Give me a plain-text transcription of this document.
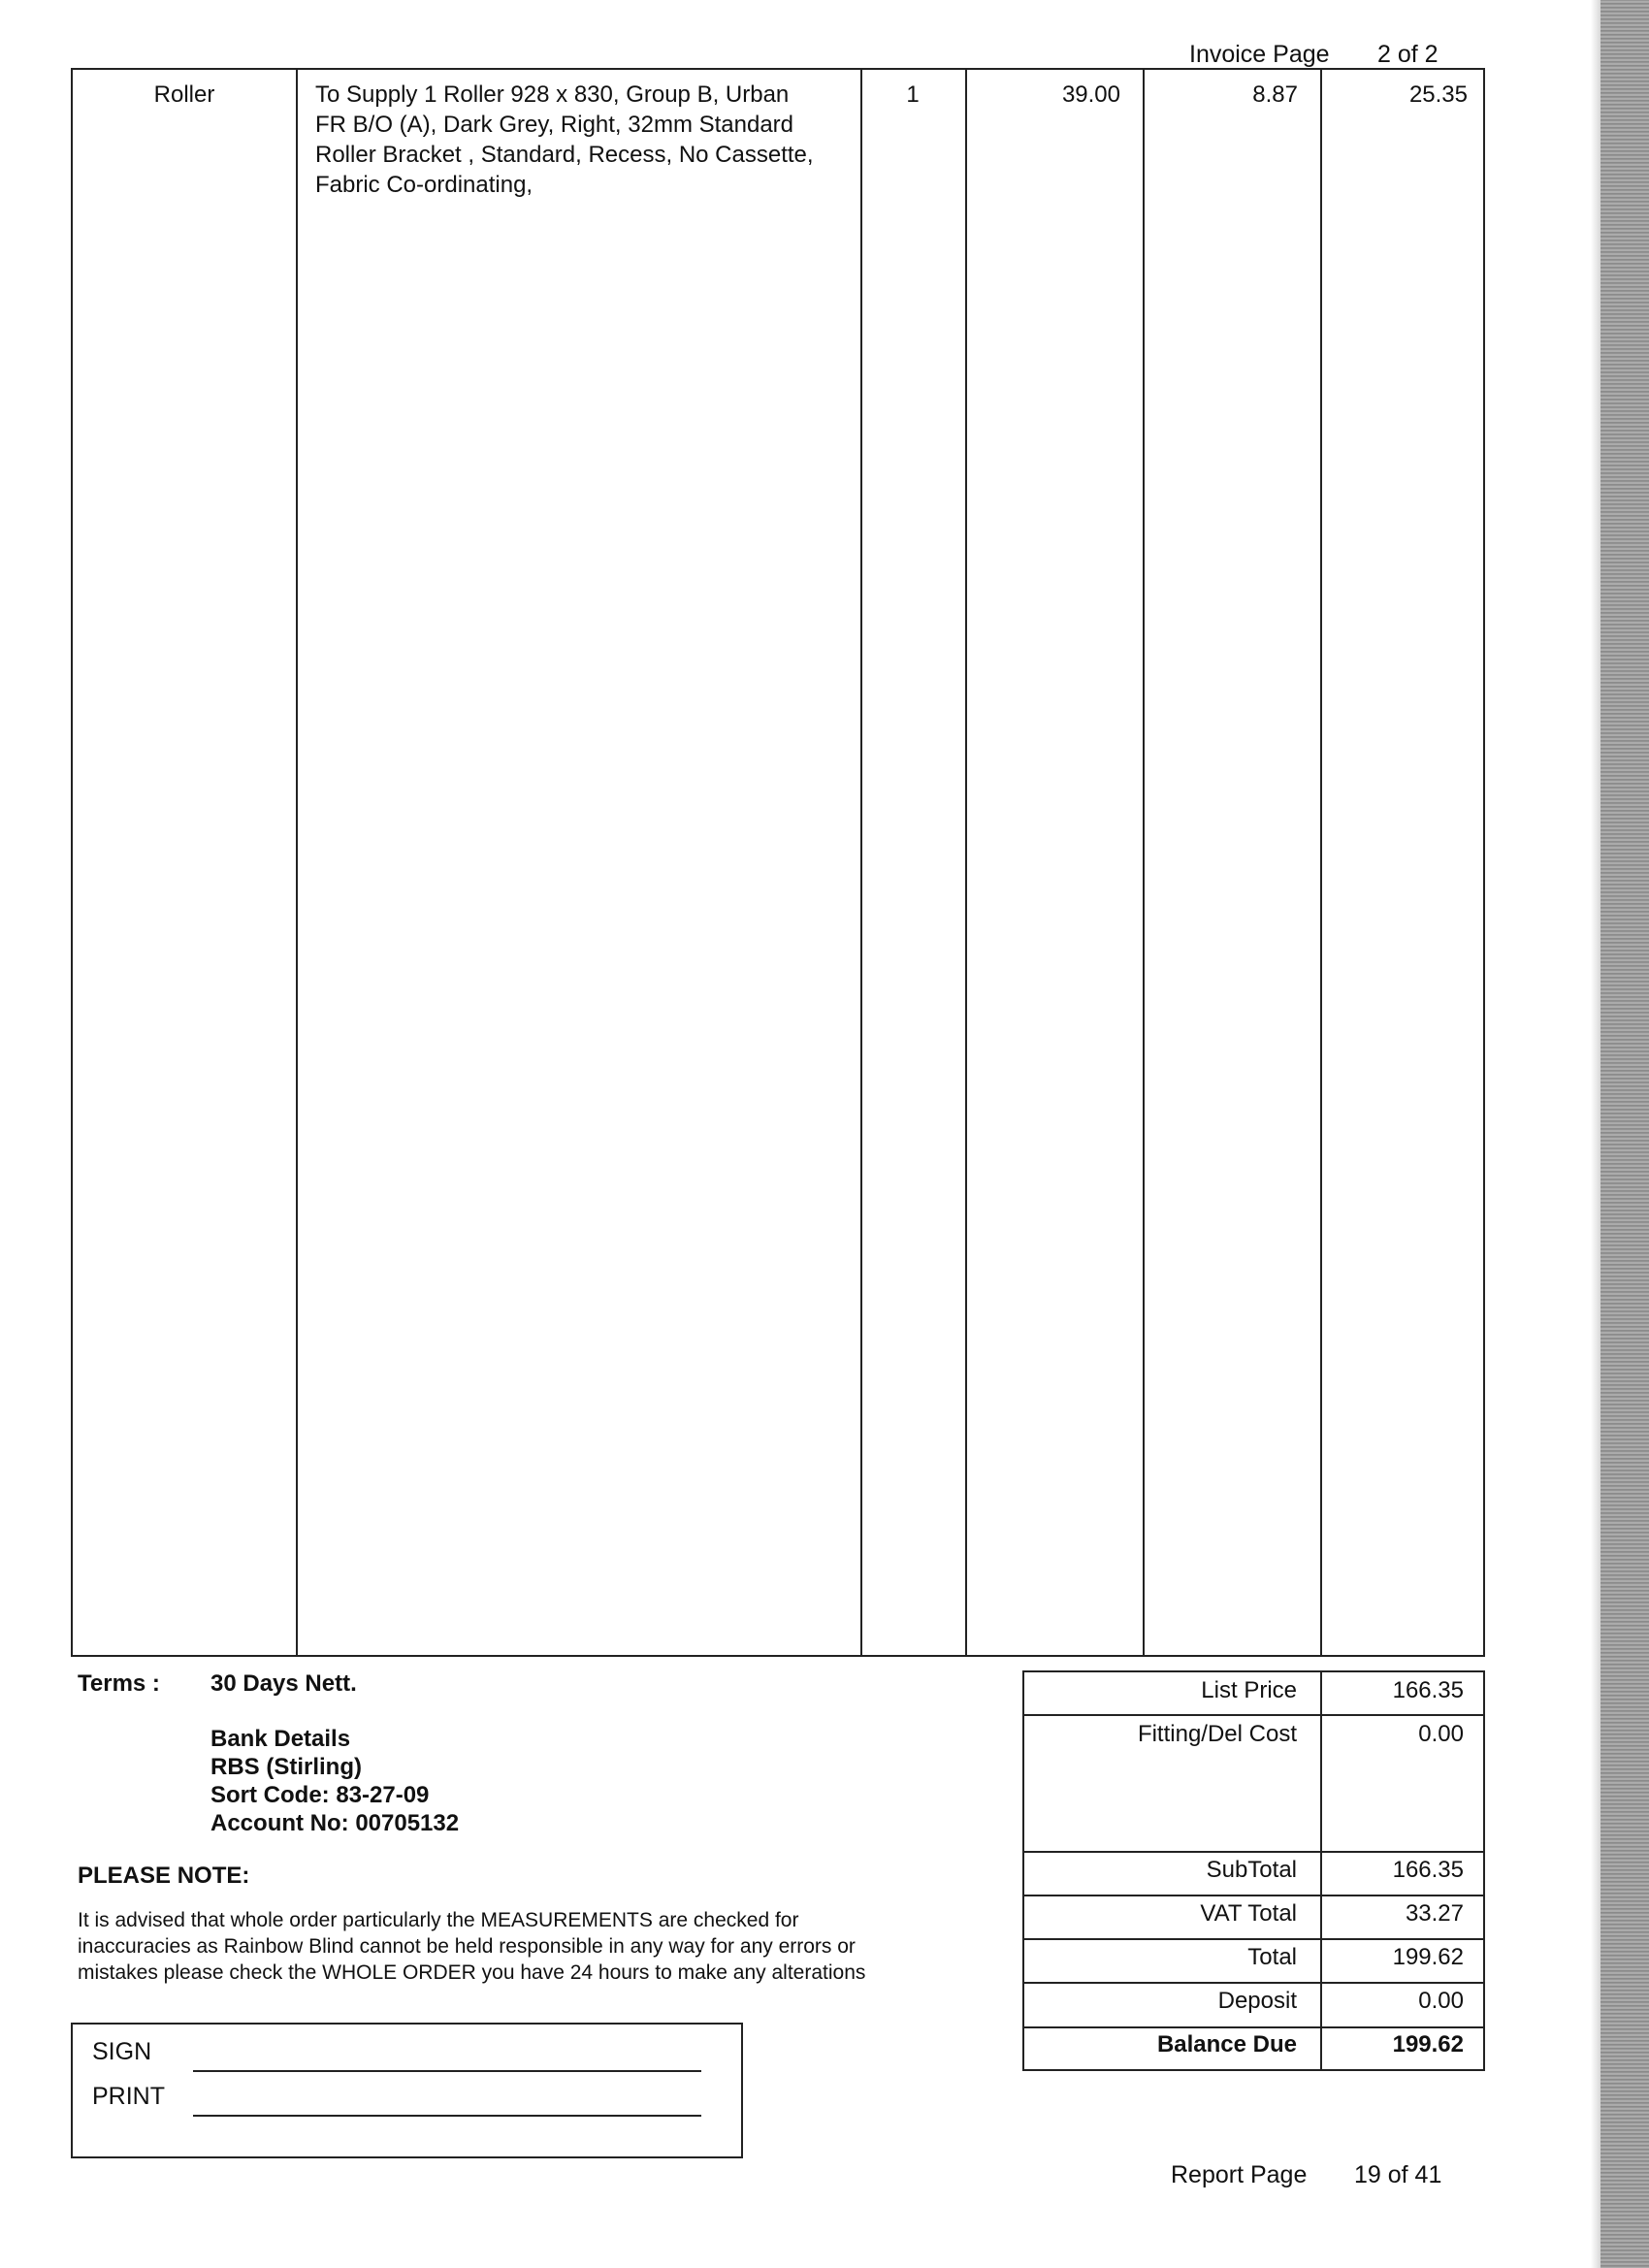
Invoice Page 2 of 2
Roller	To Supply 1 Roller 928 x 830, Group B, Urban
FR B/O (A), Dark Grey, Right, 32mm Standard
Roller Bracket , Standard, Recess, No Cassette,
Fabric Co-ordinating,
1	39.00	8.87	25.35
Terms : 30 Days Nett.
Bank Details
RBS (Stirling)
Sort Code: 83-27-09
Account No: 00705132
PLEASE NOTE:
It is advised that whole order particularly the MEASUREMENTS are checked for
inaccuracies as Rainbow Blind cannot be held responsible in any way for any errors or
mistakes please check the WHOLE ORDER you have 24 hours to make any alterations
List Price	166.35
Fitting/Del Cost	0.00
SubTotal	166.35
VAT Total	33.27
Total	199.62
Deposit	0.00
Balance Due	199.62
SIGN
PRINT
Report Page 19 of 41
